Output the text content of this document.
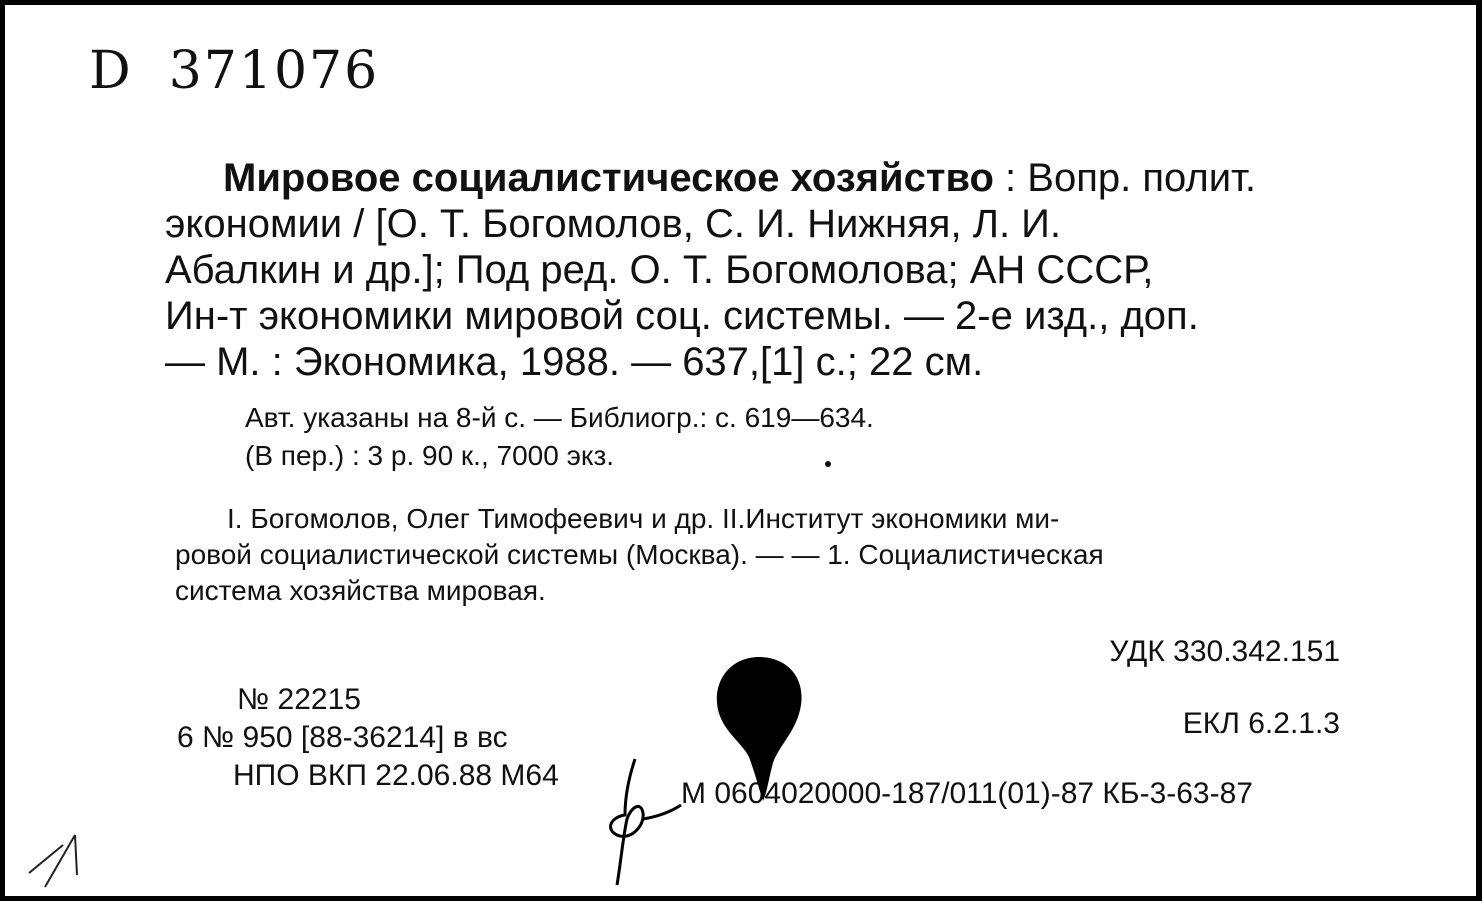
D 371076
Мировое социалистическое хозяйство : Вопр. полит.
экономии / [О. Т. Богомолов, С. И. Нижняя, Л. И.
Абалкин и др.]; Под ред. О. Т. Богомолова; АН СССР,
Ин-т экономики мировой соц. системы. — 2-е изд., доп.
— М. : Экономика, 1988. — 637,[1] с.; 22 см.
Авт. указаны на 8-й с. — Библиогр.: с. 619—634.
(В пер.) : 3 р. 90 к., 7000 экз.
I. Богомолов, Олег Тимофеевич и др. II.Институт экономики ми-
ровой социалистической системы (Москва). — — 1. Социалистическая
система хозяйства мировая.
УДК 330.342.151
ЕКЛ 6.2.1.3
№ 22215
6 № 950 [88-36214] в вс
НПО ВКП 22.06.88 М64
М 0604020000-187/011(01)-87 КБ-3-63-87
